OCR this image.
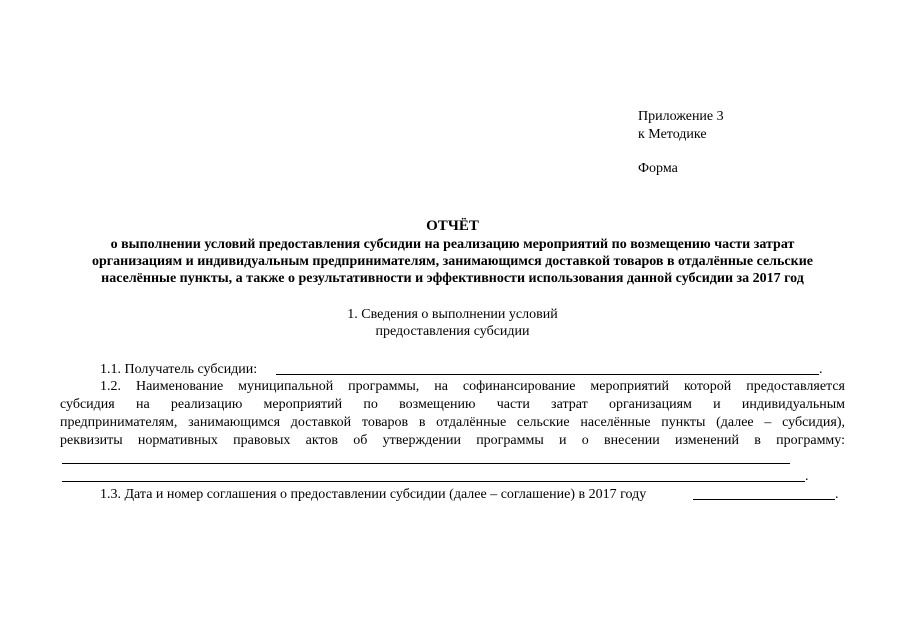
Приложение 3
к Методике
Форма
ОТЧЁТ
о выполнении условий предоставления субсидии на реализацию мероприятий по возмещению части затрат
организациям и индивидуальным предпринимателям, занимающимся доставкой товаров в отдалённые сельские
населённые пункты, а также о результативности и эффективности использования данной субсидии за 2017 год
1. Сведения о выполнении условий
предоставления субсидии
1.1. Получатель субсидии:	.
1.2. Наименование муниципальной программы, на софинансирование мероприятий которой предоставляется
субсидия на реализацию мероприятий по возмещению части затрат организациям и индивидуальным
предпринимателям, занимающимся доставкой товаров в отдалённые сельские населённые пункты (далее – субсидия),
реквизиты нормативных правовых актов об утверждении программы и о внесении изменений в программу:
.
1.3. Дата и номер соглашения о предоставлении субсидии (далее – соглашение) в 2017 году	.
